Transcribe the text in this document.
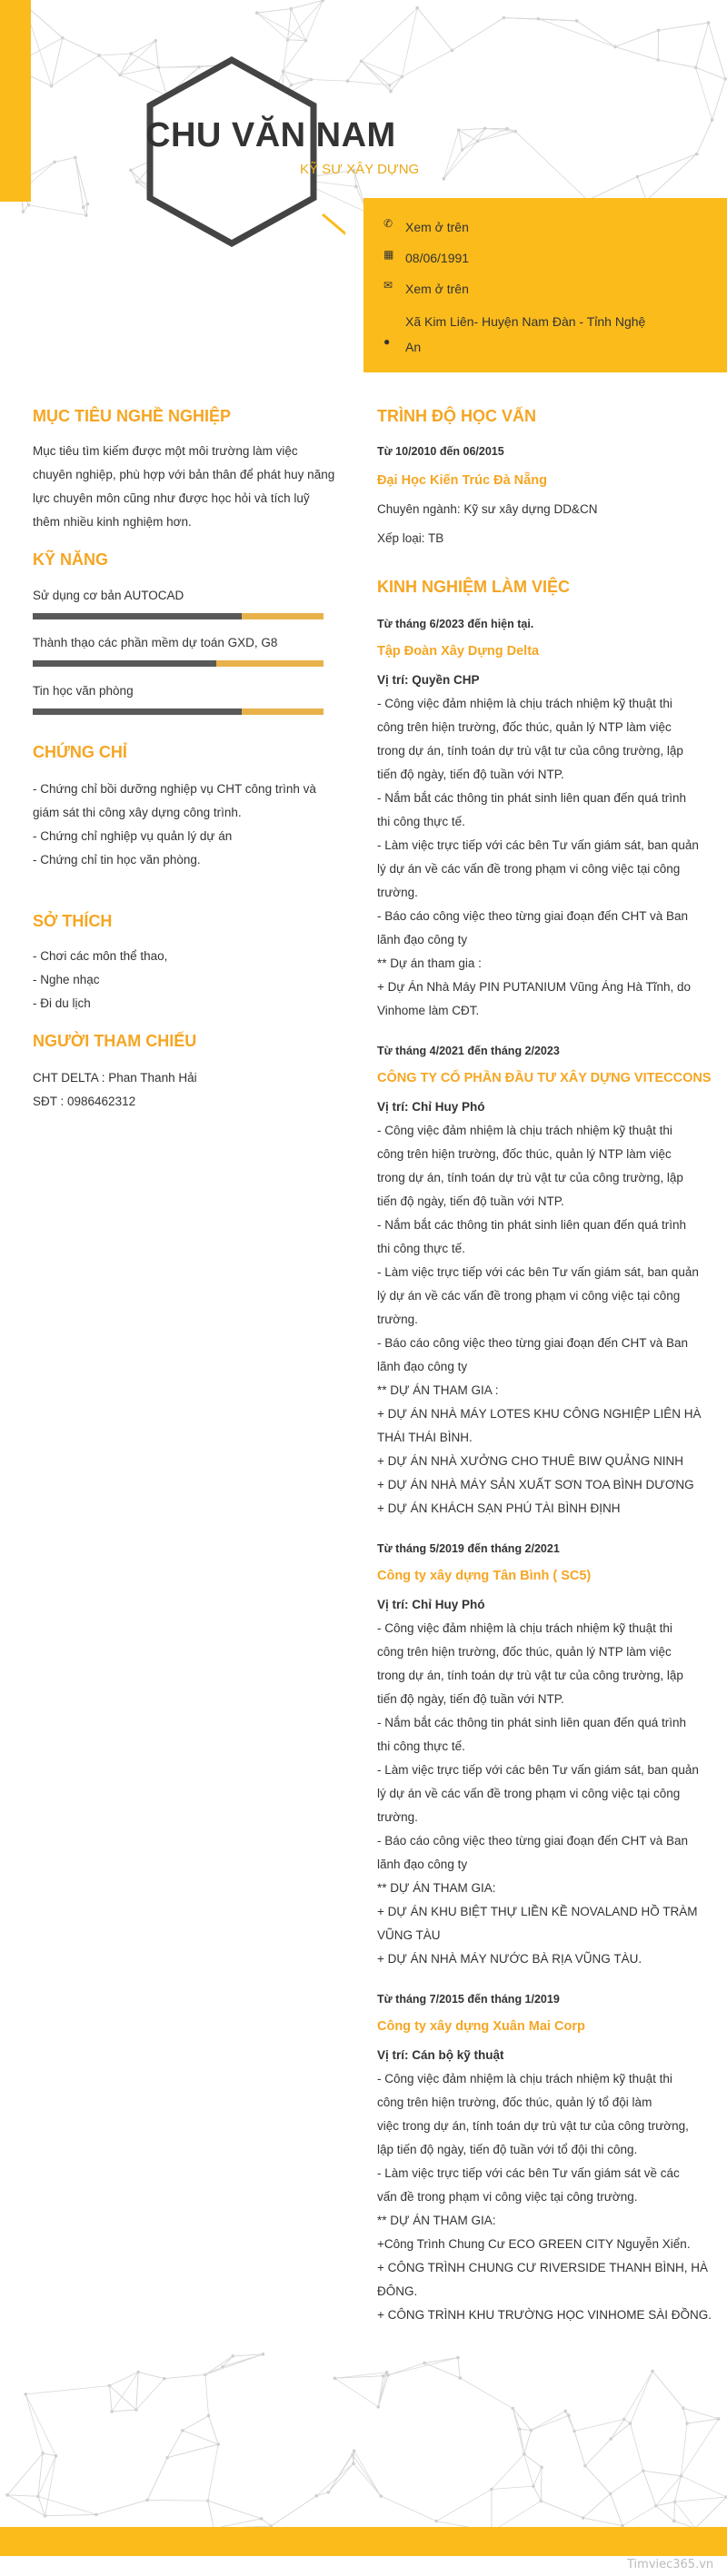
CHU VĂN NAM
KỸ SƯ XÂY DỰNG
✆ Xem ở trên
▦ 08/06/1991
✉ Xem ở trên
●
Xã Kim Liên- Huyện Nam Đàn - Tỉnh Nghệ
An
MỤC TIÊU NGHỀ NGHIỆP
Mục tiêu tìm kiếm được một môi trường làm việc
chuyên nghiệp, phù hợp với bản thân để phát huy năng
lực chuyên môn cũng như được học hỏi và tích luỹ
thêm nhiều kinh nghiệm hơn.
KỸ NĂNG
Sử dụng cơ bản AUTOCAD
Thành thạo các phần mềm dự toán GXD, G8
Tin học văn phòng
CHỨNG CHỈ
- Chứng chỉ bồi dưỡng nghiệp vụ CHT công trình và
giám sát thi công xây dựng công trình.
- Chứng chỉ nghiệp vụ quản lý dự án
- Chứng chỉ tin học văn phòng.
SỞ THÍCH
- Chơi các môn thể thao,
- Nghe nhạc
- Đi du lịch
NGƯỜI THAM CHIẾU
CHT DELTA : Phan Thanh Hải
SĐT : 0986462312
TRÌNH ĐỘ HỌC VẤN
Từ 10/2010 đến 06/2015
Đại Học Kiến Trúc Đà Nẵng
Chuyên ngành: Kỹ sư xây dựng DD&CN
Xếp loại: TB
KINH NGHIỆM LÀM VIỆC
Từ tháng 6/2023 đến hiện tại.
Tập Đoàn Xây Dựng Delta
Vị trí: Quyền CHP
- Công việc đảm nhiệm là chịu trách nhiệm kỹ thuật thi
công trên hiện trường, đốc thúc, quản lý NTP làm việc
trong dự án, tính toán dự trù vật tư của công trường, lập
tiến độ ngày, tiến độ tuần với NTP.
- Nắm bắt các thông tin phát sinh liên quan đến quá trình
thi công thực tế.
- Làm việc trực tiếp với các bên Tư vấn giám sát, ban quản
lý dự án về các vấn đề trong phạm vi công việc tại công
trường.
- Báo cáo công việc theo từng giai đoạn đến CHT và Ban
lãnh đạo công ty
** Dự án tham gia :
+ Dự Án Nhà Máy PIN PUTANIUM Vũng Áng Hà Tĩnh, do
Vinhome làm CĐT.
Từ tháng 4/2021 đến tháng 2/2023
CÔNG TY CỔ PHẦN ĐẦU TƯ XÂY DỰNG VITECCONS
Vị trí: Chỉ Huy Phó
- Công việc đảm nhiệm là chịu trách nhiệm kỹ thuật thi
công trên hiện trường, đốc thúc, quản lý NTP làm việc
trong dự án, tính toán dự trù vật tư của công trường, lập
tiến độ ngày, tiến độ tuần với NTP.
- Nắm bắt các thông tin phát sinh liên quan đến quá trình
thi công thực tế.
- Làm việc trực tiếp với các bên Tư vấn giám sát, ban quản
lý dự án về các vấn đề trong phạm vi công việc tại công
trường.
- Báo cáo công việc theo từng giai đoạn đến CHT và Ban
lãnh đạo công ty
** DỰ ÁN THAM GIA :
+ DỰ ÁN NHÀ MÁY LOTES KHU CÔNG NGHIỆP LIÊN HÀ
THÁI THÁI BÌNH.
+ DỰ ÁN NHÀ XƯỞNG CHO THUÊ BIW QUẢNG NINH
+ DỰ ÁN NHÀ MÁY SẢN XUẤT SƠN TOA BÌNH DƯƠNG
+ DỰ ÁN KHÁCH SẠN PHÚ TÀI BÌNH ĐỊNH
Từ tháng 5/2019 đến tháng 2/2021
Công ty xây dựng Tân Bình ( SC5)
Vị trí: Chỉ Huy Phó
- Công việc đảm nhiệm là chịu trách nhiệm kỹ thuật thi
công trên hiện trường, đốc thúc, quản lý NTP làm việc
trong dự án, tính toán dự trù vật tư của công trường, lập
tiến độ ngày, tiến độ tuần với NTP.
- Nắm bắt các thông tin phát sinh liên quan đến quá trình
thi công thực tế.
- Làm việc trực tiếp với các bên Tư vấn giám sát, ban quản
lý dự án về các vấn đề trong phạm vi công việc tại công
trường.
- Báo cáo công việc theo từng giai đoạn đến CHT và Ban
lãnh đạo công ty
** DỰ ÁN THAM GIA:
+ DỰ ÁN KHU BIỆT THỰ LIỀN KỀ NOVALAND HỒ TRÀM
VŨNG TÀU
+ DỰ ÁN NHÀ MÁY NƯỚC BÀ RỊA VŨNG TÀU.
Từ tháng 7/2015 đến tháng 1/2019
Công ty xây dựng Xuân Mai Corp
Vị trí: Cán bộ kỹ thuật
- Công việc đảm nhiệm là chịu trách nhiệm kỹ thuật thi
công trên hiện trường, đốc thúc, quản lý tổ đội làm
việc trong dự án, tính toán dự trù vật tư của công trường,
lập tiến độ ngày, tiến độ tuần với tổ đội thi công.
- Làm việc trực tiếp với các bên Tư vấn giám sát về các
vấn đề trong phạm vi công việc tại công trường.
** DỰ ÁN THAM GIA:
+Công Trình Chung Cư ECO GREEN CITY Nguyễn Xiển.
+ CÔNG TRÌNH CHUNG CƯ RIVERSIDE THANH BÌNH, HÀ
ĐÔNG.
+ CÔNG TRÌNH KHU TRƯỜNG HỌC VINHOME SÀI ĐỒNG.
Timviec365.vn
